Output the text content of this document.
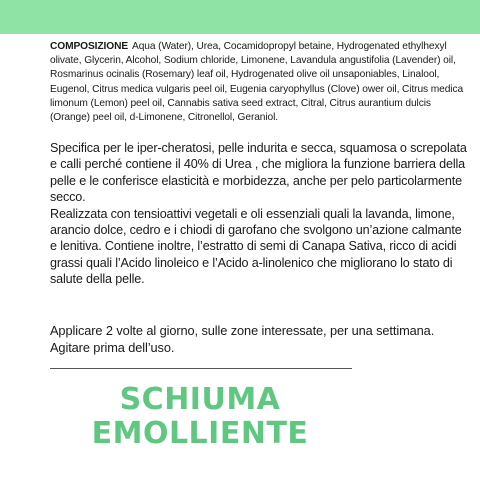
COMPOSIZIONE Aqua (Water), Urea, Cocamidopropyl betaine, Hydrogenated ethylhexyl olivate, Glycerin, Alcohol, Sodium chloride, Limonene, Lavandula angustifolia (Lavender) oil, Rosmarinus ocinalis (Rosemary) leaf oil, Hydrogenated olive oil unsaponiables, Linalool, Eugenol, Citrus medica vulgaris peel oil, Eugenia caryophyllus (Clove) ower oil, Citrus medica limonum (Lemon) peel oil, Cannabis sativa seed extract, Citral, Citrus aurantium dulcis (Orange) peel oil, d-Limonene, Citronellol, Geraniol.

Specifica per le iper-cheratosi, pelle indurita e secca, squamosa o screpolata e calli perché contiene il 40% di Urea , che migliora la funzione barriera della pelle e le conferisce elasticità e morbidezza, anche per pelo particolarmente secco.

Realizzata con tensioattivi vegetali e oli essenziali quali la lavanda, limone, arancio dolce, cedro e i chiodi di garofano che svolgono un’azione calmante e lenitiva. Contiene inoltre, l’estratto di semi di Canapa Sativa, ricco di acidi grassi quali l’Acido linoleico e l’Acido a-linolenico che migliorano lo stato di salute della pelle.

Applicare 2 volte al giorno, sulle zone interessate, per una settimana. Agitare prima dell’uso.
SCHIUMA
EMOLLIENTE
